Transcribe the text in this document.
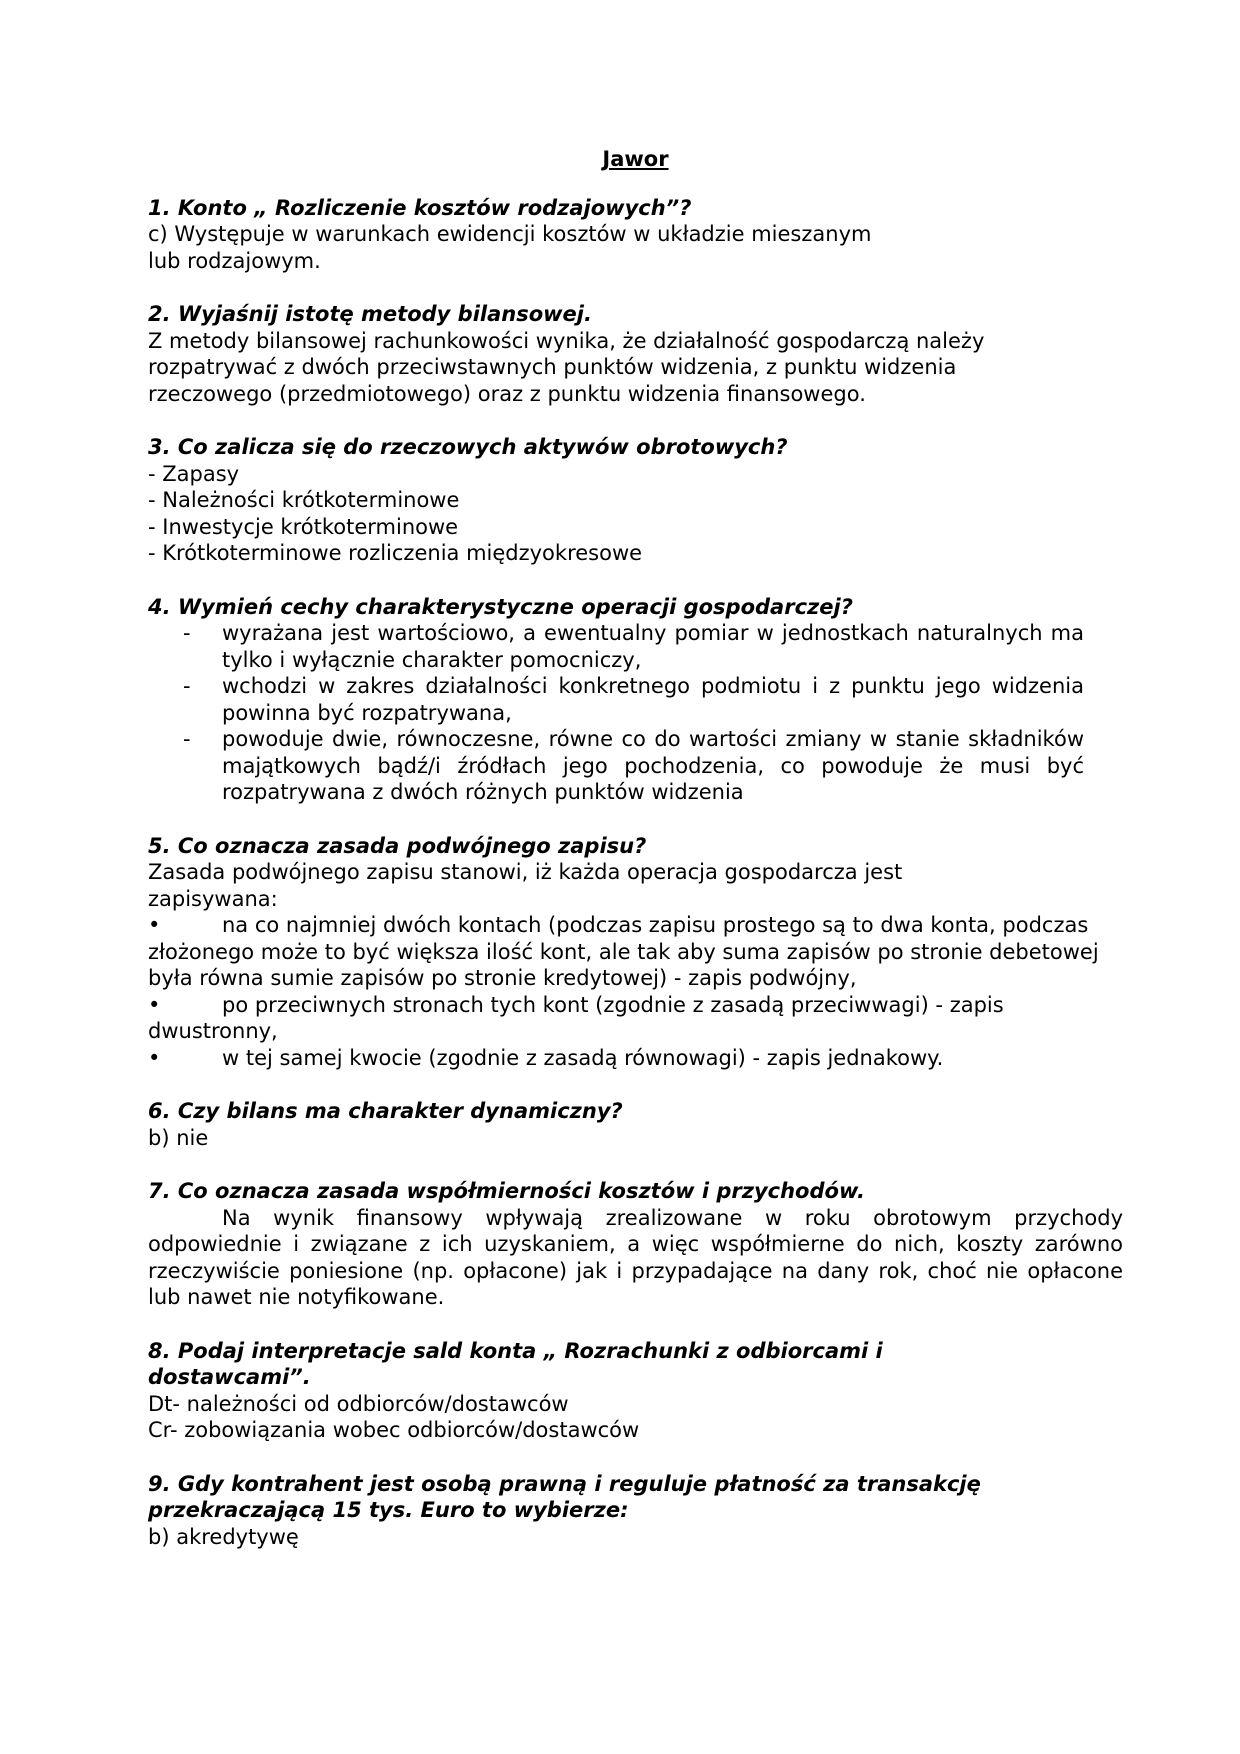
Jawor

1. Konto „ Rozliczenie kosztów rodzajowych”?

c) Występuje w warunkach ewidencji kosztów w układzie mieszanym lub rodzajowym.

2. Wyjaśnij istotę metody bilansowej.

Z metody bilansowej rachunkowości wynika, że działalność gospodarczą należy rozpatrywać z dwóch przeciwstawnych punktów widzenia, z punktu widzenia rzeczowego (przedmiotowego) oraz z punktu widzenia finansowego.

3. Co zalicza się do rzeczowych aktywów obrotowych?

- Zapasy

- Należności krótkoterminowe

- Inwestycje krótkoterminowe

- Krótkoterminowe rozliczenia międzyokresowe

4. Wymień cechy charakterystyczne operacji gospodarczej?

- wyrażana jest wartościowo, a ewentualny pomiar w jednostkach naturalnych ma tylko i wyłącznie charakter pomocniczy,
- wchodzi w zakres działalności konkretnego podmiotu i z punktu jego widzenia powinna być rozpatrywana,
- powoduje dwie, równoczesne, równe co do wartości zmiany w stanie składników majątkowych bądź/i źródłach jego pochodzenia, co powoduje że musi być rozpatrywana z dwóch różnych punktów widzenia

5. Co oznacza zasada podwójnego zapisu?

Zasada podwójnego zapisu stanowi, iż każda operacja gospodarcza jest zapisywana:

•	na co najmniej dwóch kontach (podczas zapisu prostego są to dwa konta, podczas złożonego może to być większa ilość kont, ale tak aby suma zapisów po stronie debetowej była równa sumie zapisów po stronie kredytowej) - zapis podwójny,

•	po przeciwnych stronach tych kont (zgodnie z zasadą przeciwwagi) - zapis dwustronny,

•	w tej samej kwocie (zgodnie z zasadą równowagi) - zapis jednakowy.

6. Czy bilans ma charakter dynamiczny?

b) nie

7. Co oznacza zasada współmierności kosztów i przychodów.

Na wynik finansowy wpływają zrealizowane w roku obrotowym przychody odpowiednie i związane z ich uzyskaniem, a więc współmierne do nich, koszty zarówno rzeczywiście poniesione (np. opłacone) jak i przypadające na dany rok, choć nie opłacone lub nawet nie notyfikowane.

8. Podaj interpretacje sald konta „ Rozrachunki z odbiorcami i dostawcami”.

Dt- należności od odbiorców/dostawców

Cr- zobowiązania wobec odbiorców/dostawców

9. Gdy kontrahent jest osobą prawną i reguluje płatność za transakcję przekraczającą 15 tys. Euro to wybierze:

b) akredytywę
